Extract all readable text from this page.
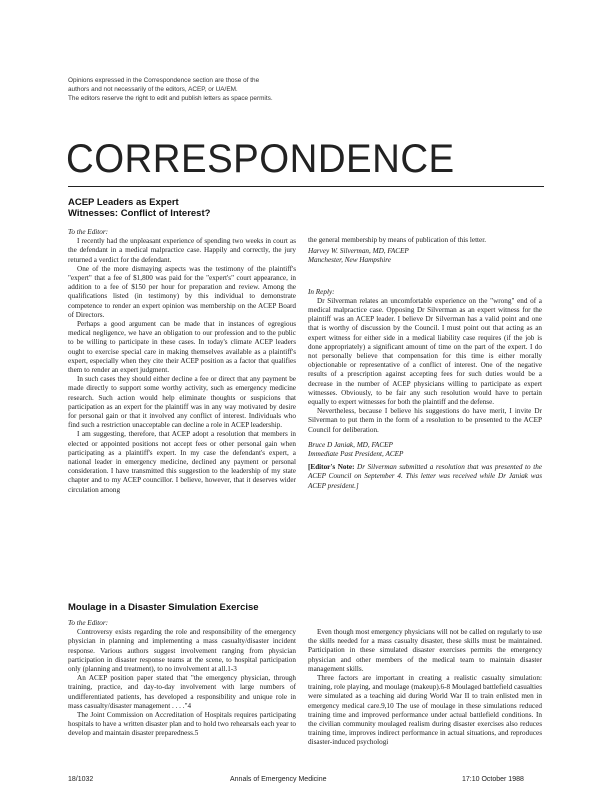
Opinions expressed in the Correspondence section are those of the
authors and not necessarily of the editors, ACEP, or UA/EM.
The editors reserve the right to edit and publish letters as space permits.
CORRESPONDENCE
ACEP Leaders as Expert
Witnesses: Conflict of Interest?

To the Editor:

I recently had the unpleasant experience of spending two weeks in court as the defendant in a medical malpractice case. Happily and correctly, the jury returned a verdict for the defendant.

One of the more dismaying aspects was the testimony of the plaintiff's "expert" that a fee of $1,800 was paid for the "expert's" court appearance, in addition to a fee of $150 per hour for preparation and review. Among the qualifications listed (in testimony) by this individual to demonstrate competence to render an expert opinion was membership on the ACEP Board of Directors.

Perhaps a good argument can be made that in instances of egregious medical negligence, we have an obligation to our profession and to the public to be willing to participate in these cases. In today's climate ACEP leaders ought to exercise special care in making themselves available as a plaintiff's expert, especially when they cite their ACEP position as a factor that qualifies them to render an expert judgment.

In such cases they should either decline a fee or direct that any payment be made directly to support some worthy activity, such as emergency medicine research. Such action would help eliminate thoughts or suspicions that participation as an expert for the plaintiff was in any way motivated by desire for personal gain or that it involved any conflict of interest. Individuals who find such a restriction unacceptable can decline a role in ACEP leadership.

I am suggesting, therefore, that ACEP adopt a resolution that members in elected or appointed positions not accept fees or other personal gain when participating as a plaintiff's expert. In my case the defendant's expert, a national leader in emergency medicine, declined any payment or personal consideration. I have transmitted this suggestion to the leadership of my state chapter and to my ACEP councillor. I believe, however, that it deserves wider circulation among

the general membership by means of publication of this letter.

Harvey W. Silverman, MD, FACEP

Manchester, New Hampshire

In Reply:

Dr Silverman relates an uncomfortable experience on the "wrong" end of a medical malpractice case. Opposing Dr Silverman as an expert witness for the plaintiff was an ACEP leader. I believe Dr Silverman has a valid point and one that is worthy of discussion by the Council. I must point out that acting as an expert witness for either side in a medical liability case requires (if the job is done appropriately) a significant amount of time on the part of the expert. I do not personally believe that compensation for this time is either morally objectionable or representative of a conflict of interest. One of the negative results of a prescription against accepting fees for such duties would be a decrease in the number of ACEP physicians willing to participate as expert witnesses. Obviously, to be fair any such resolution would have to pertain equally to expert witnesses for both the plaintiff and the defense.

Nevertheless, because I believe his suggestions do have merit, I invite Dr Silverman to put them in the form of a resolution to be presented to the ACEP Council for deliberation.

Bruce D Janiak, MD, FACEP

Immediate Past President, ACEP

[Editor's Note: Dr Silverman submitted a resolution that was presented to the ACEP Council on September 4. This letter was received while Dr Janiak was ACEP president.]

Moulage in a Disaster Simulation Exercise

To the Editor:

Controversy exists regarding the role and responsibility of the emergency physician in planning and implementing a mass casualty/disaster incident response. Various authors suggest involvement ranging from physician participation in disaster response teams at the scene, to hospital participation only (planning and treatment), to no involvement at all.1-3

An ACEP position paper stated that "the emergency physician, through training, practice, and day-to-day involvement with large numbers of undifferentiated patients, has developed a responsibility and unique role in mass casualty/disaster management . . . ."4

The Joint Commission on Accreditation of Hospitals requires participating hospitals to have a written disaster plan and to hold two rehearsals each year to develop and maintain disaster preparedness.5

Even though most emergency physicians will not be called on regularly to use the skills needed for a mass casualty disaster, these skills must be maintained. Participation in these simulated disaster exercises permits the emergency physician and other members of the medical team to maintain disaster management skills.

Three factors are important in creating a realistic casualty simulation: training, role playing, and moulage (makeup).6-8 Moulaged battlefield casualties were simulated as a teaching aid during World War II to train enlisted men in emergency medical care.9,10 The use of moulage in these simulations reduced training time and improved performance under actual battlefield conditions. In the civilian community moulaged realism during disaster exercises also reduces training time, improves indirect performance in actual situations, and reproduces disaster-induced psychologi

18/1032	Annals of Emergency Medicine	17:10 October 1988
